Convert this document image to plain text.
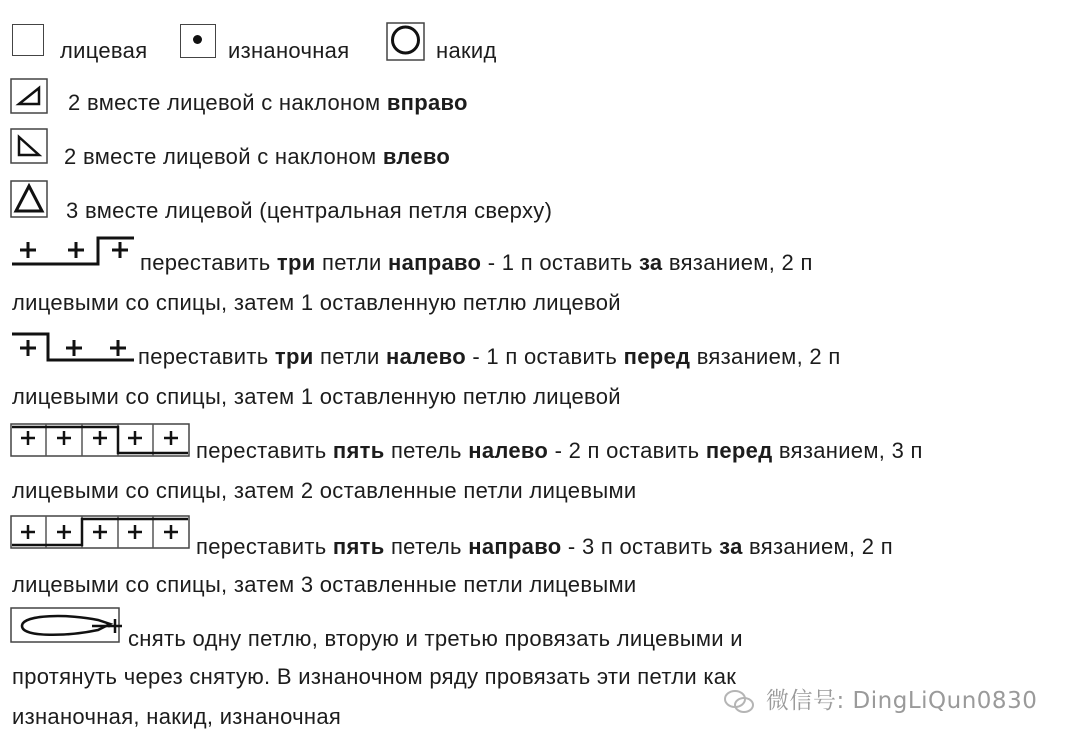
лицевая	изнаночная	накид
2 вместе лицевой с наклоном вправо
2 вместе лицевой с наклоном влево
3 вместе лицевой (центральная петля сверху)
переставить три петли направо - 1 п оставить за вязанием, 2 п
лицевыми со спицы, затем 1 оставленную петлю лицевой
переставить три петли налево - 1 п оставить перед вязанием, 2 п
лицевыми со спицы, затем 1 оставленную петлю лицевой
переставить пять петель налево - 2 п оставить перед вязанием, 3 п
лицевыми со спицы, затем 2 оставленные петли лицевыми
переставить пять петель направо - 3 п оставить за вязанием, 2 п
лицевыми со спицы, затем 3 оставленные петли лицевыми
снять одну петлю, вторую и третью провязать лицевыми и
протянуть через снятую. В изнаночном ряду провязать эти петли как
изнаночная, накид, изнаночная
微信号: DingLiQun0830
